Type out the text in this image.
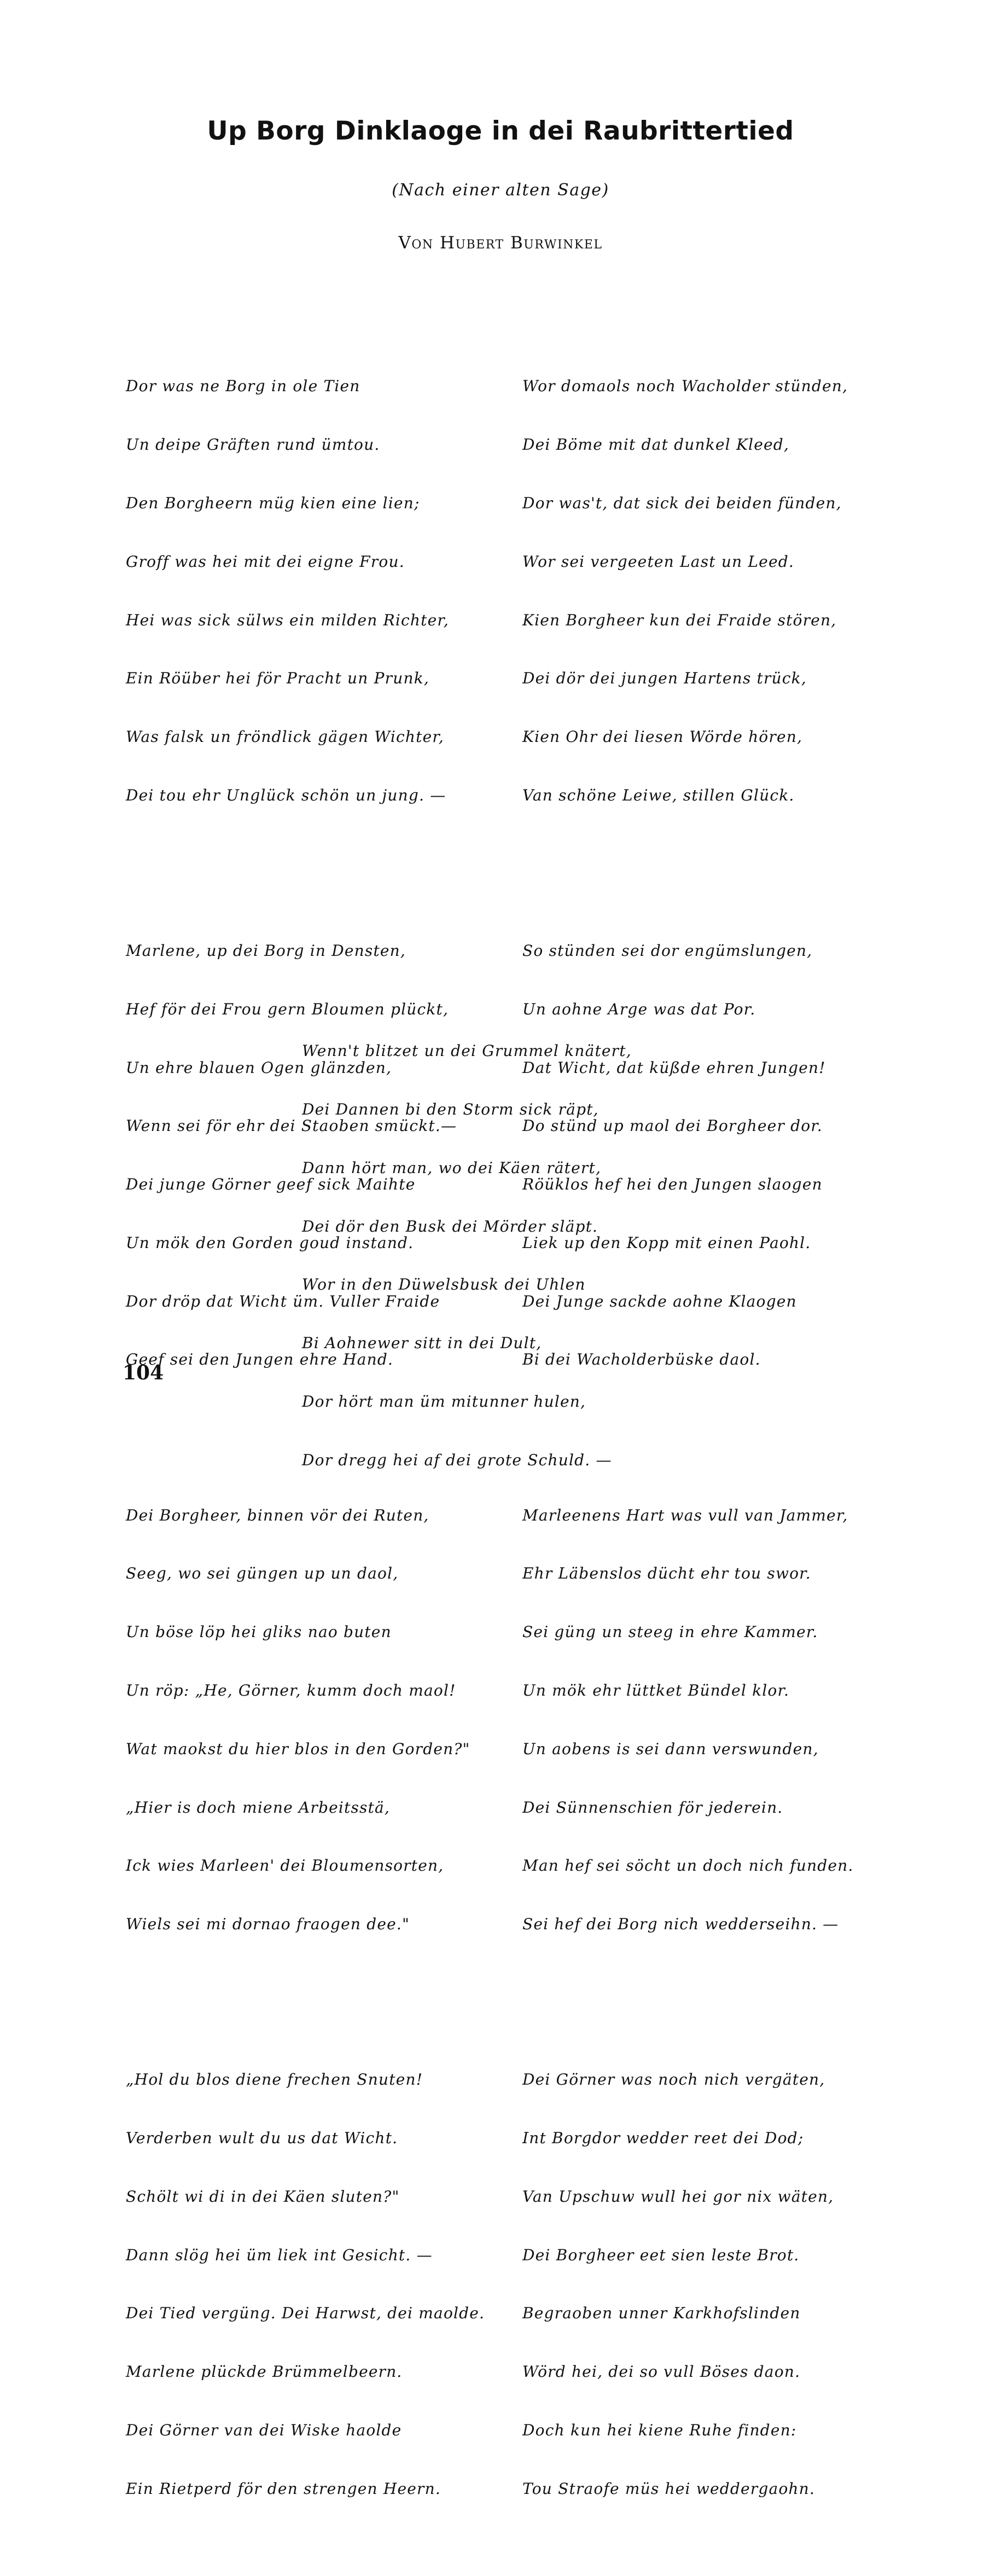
Up Borg Dinklaoge in dei Raubrittertied
(Nach einer alten Sage)
Von Hubert Burwinkel

Dor was ne Borg in ole Tien

Un deipe Gräften rund ümtou.

Den Borgheern müg kien eine lien;

Groff was hei mit dei eigne Frou.

Hei was sick sülws ein milden Richter,

Ein Röüber hei för Pracht un Prunk,

Was falsk un fröndlick gägen Wichter,

Dei tou ehr Unglück schön un jung. —

Marlene, up dei Borg in Densten,

Hef för dei Frou gern Bloumen plückt,

Un ehre blauen Ogen glänzden,

Wenn sei för ehr dei Staoben smückt.—

Dei junge Görner geef sick Maihte

Un mök den Gorden goud instand.

Dor dröp dat Wicht üm. Vuller Fraide

Geef sei den Jungen ehre Hand.

Dei Borgheer, binnen vör dei Ruten,

Seeg, wo sei güngen up un daol,

Un böse löp hei gliks nao buten

Un röp: „He, Görner, kumm doch maol!

Wat maokst du hier blos in den Gorden?"

„Hier is doch miene Arbeitsstä,

Ick wies Marleen' dei Bloumensorten,

Wiels sei mi dornao fraogen dee."

„Hol du blos diene frechen Snuten!

Verderben wult du us dat Wicht.

Schölt wi di in dei Käen sluten?"

Dann slög hei üm liek int Gesicht. —

Dei Tied vergüng. Dei Harwst, dei maolde.

Marlene plückde Brümmelbeern.

Dei Görner van dei Wiske haolde

Ein Rietperd för den strengen Heern.

Wor domaols noch Wacholder stünden,

Dei Böme mit dat dunkel Kleed,

Dor was't, dat sick dei beiden fünden,

Wor sei vergeeten Last un Leed.

Kien Borgheer kun dei Fraide stören,

Dei dör dei jungen Hartens trück,

Kien Ohr dei liesen Wörde hören,

Van schöne Leiwe, stillen Glück.

So stünden sei dor engümslungen,

Un aohne Arge was dat Por.

Dat Wicht, dat küßde ehren Jungen!

Do stünd up maol dei Borgheer dor.

Röüklos hef hei den Jungen slaogen

Liek up den Kopp mit einen Paohl.

Dei Junge sackde aohne Klaogen

Bi dei Wacholderbüske daol.

Marleenens Hart was vull van Jammer,

Ehr Läbenslos dücht ehr tou swor.

Sei güng un steeg in ehre Kammer.

Un mök ehr lüttket Bündel klor.

Un aobens is sei dann verswunden,

Dei Sünnenschien för jederein.

Man hef sei söcht un doch nich funden.

Sei hef dei Borg nich wedderseihn. —

Dei Görner was noch nich vergäten,

Int Borgdor wedder reet dei Dod;

Van Upschuw wull hei gor nix wäten,

Dei Borgheer eet sien leste Brot.

Begraoben unner Karkhofslinden

Wörd hei, dei so vull Böses daon.

Doch kun hei kiene Ruhe finden:

Tou Straofe müs hei weddergaohn.

Wenn't blitzet un dei Grummel knätert,

Dei Dannen bi den Storm sick räpt,

Dann hört man, wo dei Käen rätert,

Dei dör den Busk dei Mörder släpt.

Wor in den Düwelsbusk dei Uhlen

Bi Aohnewer sitt in dei Dult,

Dor hört man üm mitunner hulen,

Dor dregg hei af dei grote Schuld. —

104
